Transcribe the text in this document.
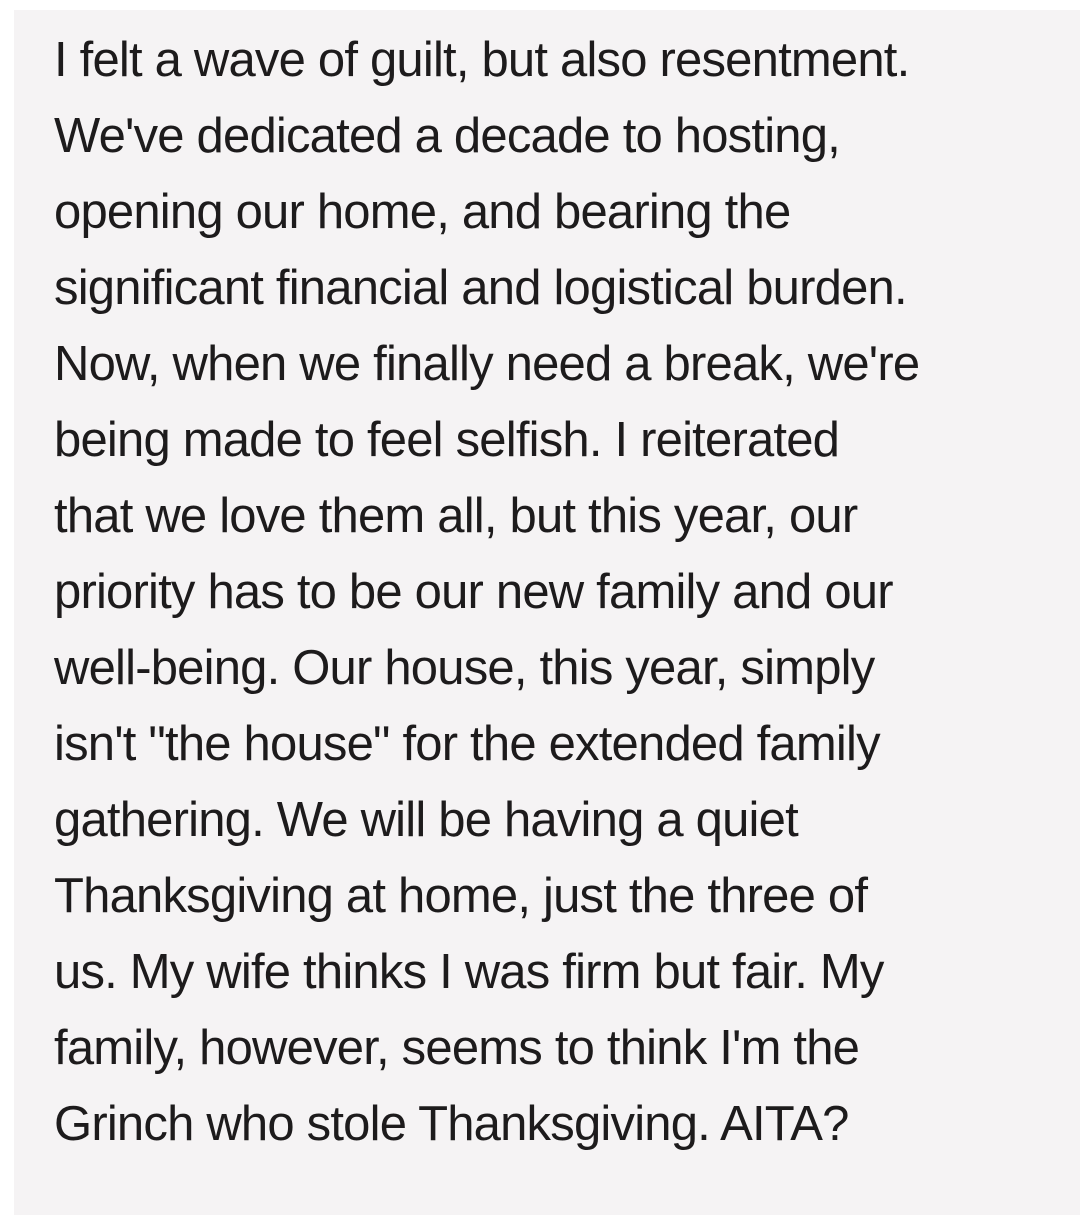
I felt a wave of guilt, but also resentment.
We've dedicated a decade to hosting,
opening our home, and bearing the
significant financial and logistical burden.
Now, when we finally need a break, we're
being made to feel selfish. I reiterated
that we love them all, but this year, our
priority has to be our new family and our
well-being. Our house, this year, simply
isn't "the house" for the extended family
gathering. We will be having a quiet
Thanksgiving at home, just the three of
us. My wife thinks I was firm but fair. My
family, however, seems to think I'm the
Grinch who stole Thanksgiving. AITA?
